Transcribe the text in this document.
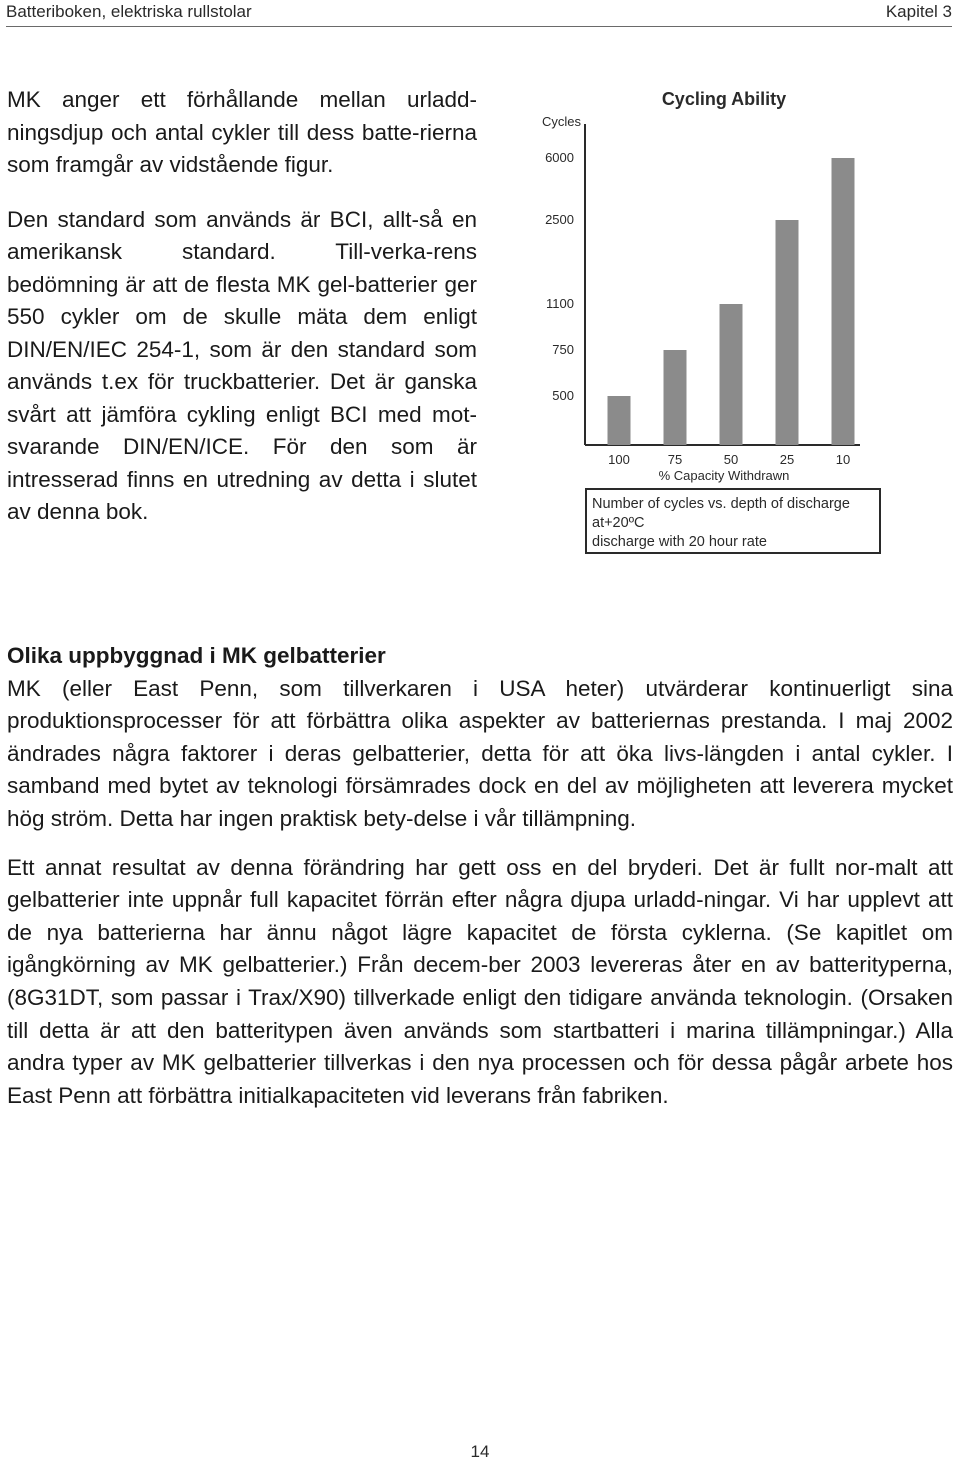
Batteriboken, elektriska rullstolar	Kapitel 3

MK anger ett förhållande mellan urladd-ningsdjup och antal cykler till dess batte-rierna som framgår av vidstående figur.

Den standard som används är BCI, allt-så en amerikansk standard. Till-verka-rens bedömning är att de flesta MK gel-batterier ger 550 cykler om de skulle mäta dem enligt DIN/EN/IEC 254-1, som är den standard som används t.ex för truckbatterier. Det är ganska svårt att jämföra cykling enligt BCI med mot-svarande DIN/EN/ICE. För den som är intresserad finns en utredning av detta i slutet av denna bok.

Cycling Ability
Cycles
500
750
1100
2500
6000
100	75	50	25	10
% Capacity Withdrawn
Number of cycles vs. depth of discharge
at+20ºC
discharge with 20 hour rate
Olika uppbyggnad i MK gelbatterier

MK (eller East Penn, som tillverkaren i USA heter) utvärderar kontinuerligt sina produktionsprocesser för att förbättra olika aspekter av batteriernas prestanda. I maj 2002 ändrades några faktorer i deras gelbatterier, detta för att öka livs-längden i antal cykler. I samband med bytet av teknologi försämrades dock en del av möjligheten att leverera mycket hög ström. Detta har ingen praktisk bety-delse i vår tillämpning.

Ett annat resultat av denna förändring har gett oss en del bryderi. Det är fullt nor-malt att gelbatterier inte uppnår full kapacitet förrän efter några djupa urladd-ningar. Vi har upplevt att de nya batterierna har ännu något lägre kapacitet de första cyklerna. (Se kapitlet om igångkörning av MK gelbatterier.) Från decem-ber 2003 levereras åter en av batterityperna, (8G31DT, som passar i Trax/X90) tillverkade enligt den tidigare använda teknologin. (Orsaken till detta är att den batteritypen även används som startbatteri i marina tillämpningar.) Alla andra typer av MK gelbatterier tillverkas i den nya processen och för dessa pågår arbete hos East Penn att förbättra initialkapaciteten vid leverans från fabriken.

14
